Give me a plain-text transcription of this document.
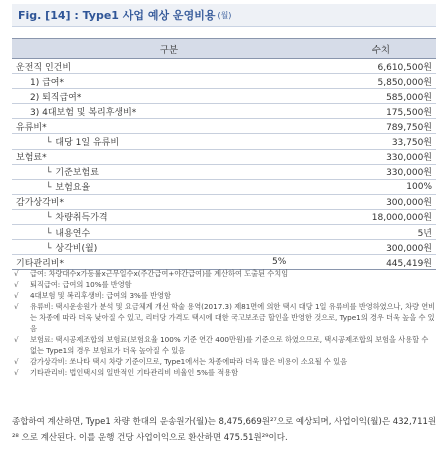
Fig. [14] : Type1 사업 예상 운영비용 (월)
구분		수치
운전직 인건비		6,610,500원
1) 급여*		5,850,000원
2) 퇴직급여*		585,000원
3) 4대보험 및 복리후생비*		175,500원
유류비*		789,750원
└ 대당 1일 유류비		33,750원
보험료*		330,000원
└ 기준보험료		330,000원
└ 보험요율		100%
감가상각비*		300,000원
└ 차량취득가격		18,000,000원
└ 내용연수		5년
└ 상각비(월)		300,000원
기타관리비*	5%	445,419원
√	급여: 차량대수x가동률x근무일수x(주간급여+야간급여)를 계산하여 도출된 수치임
√	퇴직급여: 급여의 10%를 반영함
√	4대보험 및 복리후생비: 급여의 3%를 반영함
√	유류비: 택시운송원가 분석 및 요금체계 개선 학술 용역(2017.3) 제81면에 의한 택시 대당 1일 유류비를 반영하였으나, 차량 연비는 차종에 따라 더욱 낮아질 수 있고, 리터당 가격도 택시에 대한 국고보조금 할인을 반영한 것으로, Type1의 경우 더욱 높을 수 있음
√	보험료: 택시공제조합의 보험료(보험요율 100% 기준 연간 400만원)를 기준으로 하였으므로, 택시공제조합의 보험을 사용할 수 없는 Type1의 경우 보험료가 더욱 높아질 수 있음
√	감가상각비: 쏘나타 택시 차량 기준이므로, Type1에서는 차종에따라 더욱 많은 비용이 소요될 수 있음
√	기타관리비: 법인택시의 일반적인 기타관리비 비율인 5%를 적용함
종합하여 계산하면, Type1 차량 한대의 운송원가(월)는 8,475,669원²⁷으로 예상되며, 사업이익(월)은 432,711원²⁸ 으로 계산된다. 이를 운행 건당 사업이익으로 환산하면 475.51원²⁹이다.
